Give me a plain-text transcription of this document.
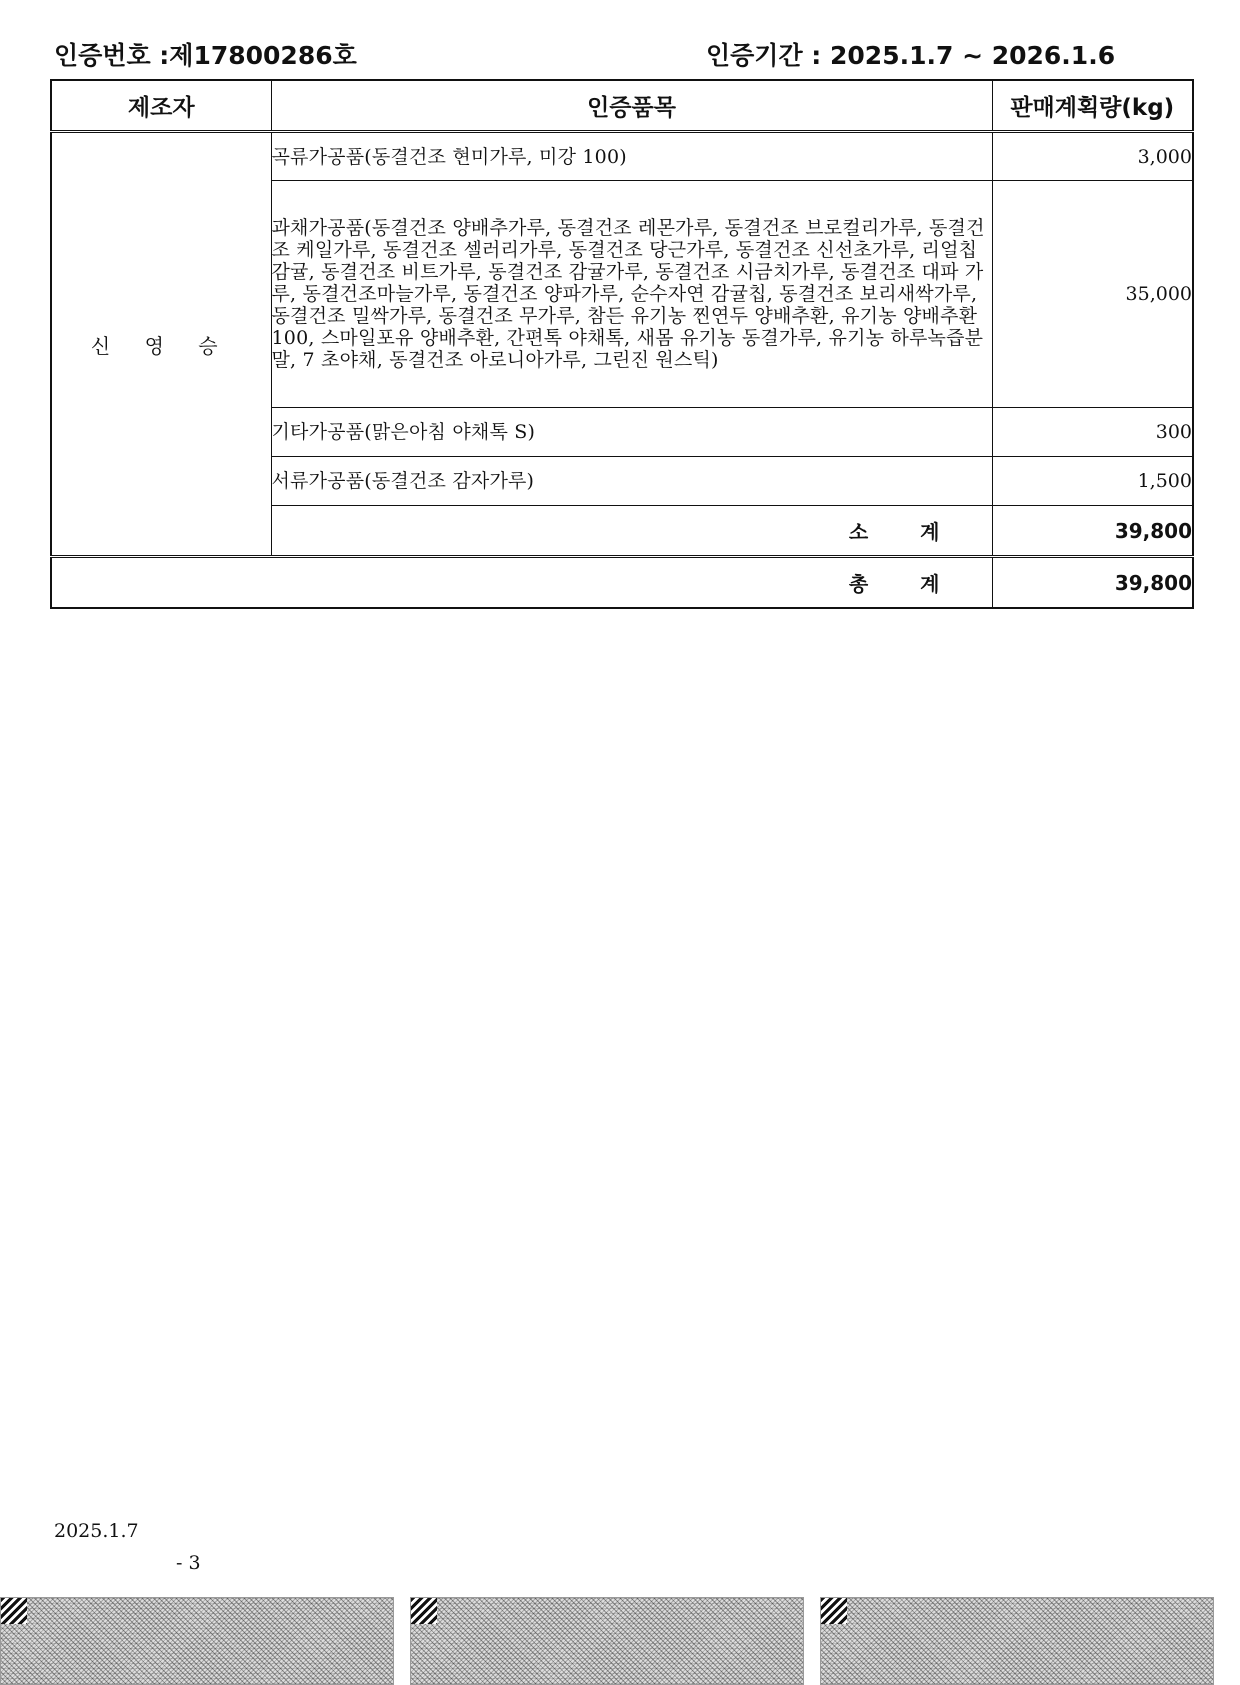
인증번호 :제17800286호	인증기간 : 2025.1.7 ~ 2026.1.6
제조자	인증품목	판매계획량(kg)
신 영 승	곡류가공품(동결건조 현미가루, 미강 100)	3,000
	과채가공품(동결건조 양배추가루, 동결건조 레몬가루, 동결건조 브로컬리가루, 동결건조 케일가루, 동결건조 셀러리가루, 동결건조 당근가루, 동결건조 신선초가루, 리얼칩 감귤, 동결건조 비트가루, 동결건조 감귤가루, 동결건조 시금치가루, 동결건조 대파 가루, 동결건조마늘가루, 동결건조 양파가루, 순수자연 감귤칩, 동결건조 보리새싹가루, 동결건조 밀싹가루, 동결건조 무가루, 참든 유기농 찐연두 양배추환, 유기농 양배추환 100, 스마일포유 양배추환, 간편톡 야채톡, 새몸 유기농 동결가루, 유기농 하루녹즙분말, 7 초야채, 동결건조 아로니아가루, 그린진 원스틱)	35,000
	기타가공품(맑은아침 야채톡 S)	300
	서류가공품(동결건조 감자가루)	1,500
	소계	39,800
총계		39,800
2025.1.7
- 3
